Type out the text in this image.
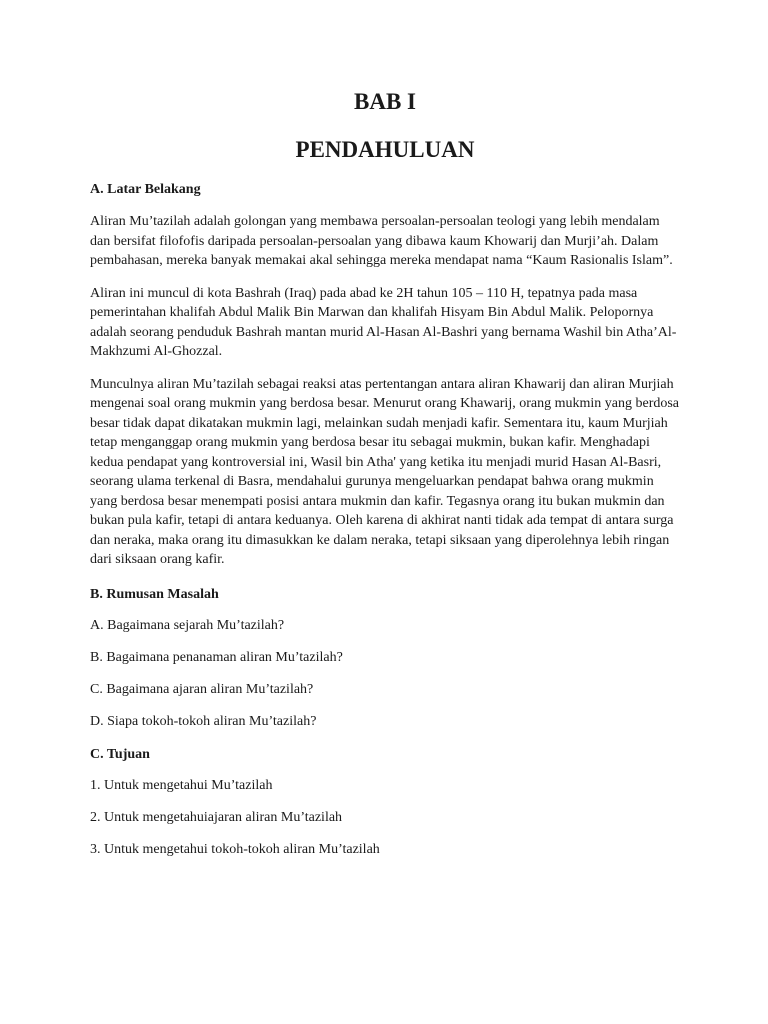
BAB I
PENDAHULUAN
A. Latar Belakang

Aliran Mu’tazilah adalah golongan yang membawa persoalan-persoalan teologi yang lebih mendalam dan bersifat filofofis daripada persoalan-persoalan yang dibawa kaum Khowarij dan Murji’ah. Dalam pembahasan, mereka banyak memakai akal sehingga mereka mendapat nama “Kaum Rasionalis Islam”.

Aliran ini muncul di kota Bashrah (Iraq) pada abad ke 2H tahun 105 – 110 H, tepatnya pada masa pemerintahan khalifah Abdul Malik Bin Marwan dan khalifah Hisyam Bin Abdul Malik. Pelopornya adalah seorang penduduk Bashrah mantan murid Al-Hasan Al-Bashri yang bernama Washil bin Atha’Al-Makhzumi Al-Ghozzal.

Munculnya aliran Mu’tazilah sebagai reaksi atas pertentangan antara aliran Khawarij dan aliran Murjiah mengenai soal orang mukmin yang berdosa besar. Menurut orang Khawarij, orang mukmin yang berdosa besar tidak dapat dikatakan mukmin lagi, melainkan sudah menjadi kafir. Sementara itu, kaum Murjiah tetap menganggap orang mukmin yang berdosa besar itu sebagai mukmin, bukan kafir. Menghadapi kedua pendapat yang kontroversial ini, Wasil bin Atha' yang ketika itu menjadi murid Hasan Al-Basri, seorang ulama terkenal di Basra, mendahalui gurunya mengeluarkan pendapat bahwa orang mukmin yang berdosa besar menempati posisi antara mukmin dan kafir. Tegasnya orang itu bukan mukmin dan bukan pula kafir, tetapi di antara keduanya. Oleh karena di akhirat nanti tidak ada tempat di antara surga dan neraka, maka orang itu dimasukkan ke dalam neraka, tetapi siksaan yang diperolehnya lebih ringan dari siksaan orang kafir.

B. Rumusan Masalah
A. Bagaimana sejarah Mu’tazilah?
B. Bagaimana penanaman aliran Mu’tazilah?
C. Bagaimana ajaran aliran Mu’tazilah?
D. Siapa tokoh-tokoh aliran Mu’tazilah?
C. Tujuan
1. Untuk mengetahui Mu’tazilah
2. Untuk mengetahuiajaran aliran Mu’tazilah
3. Untuk mengetahui tokoh-tokoh aliran Mu’tazilah
